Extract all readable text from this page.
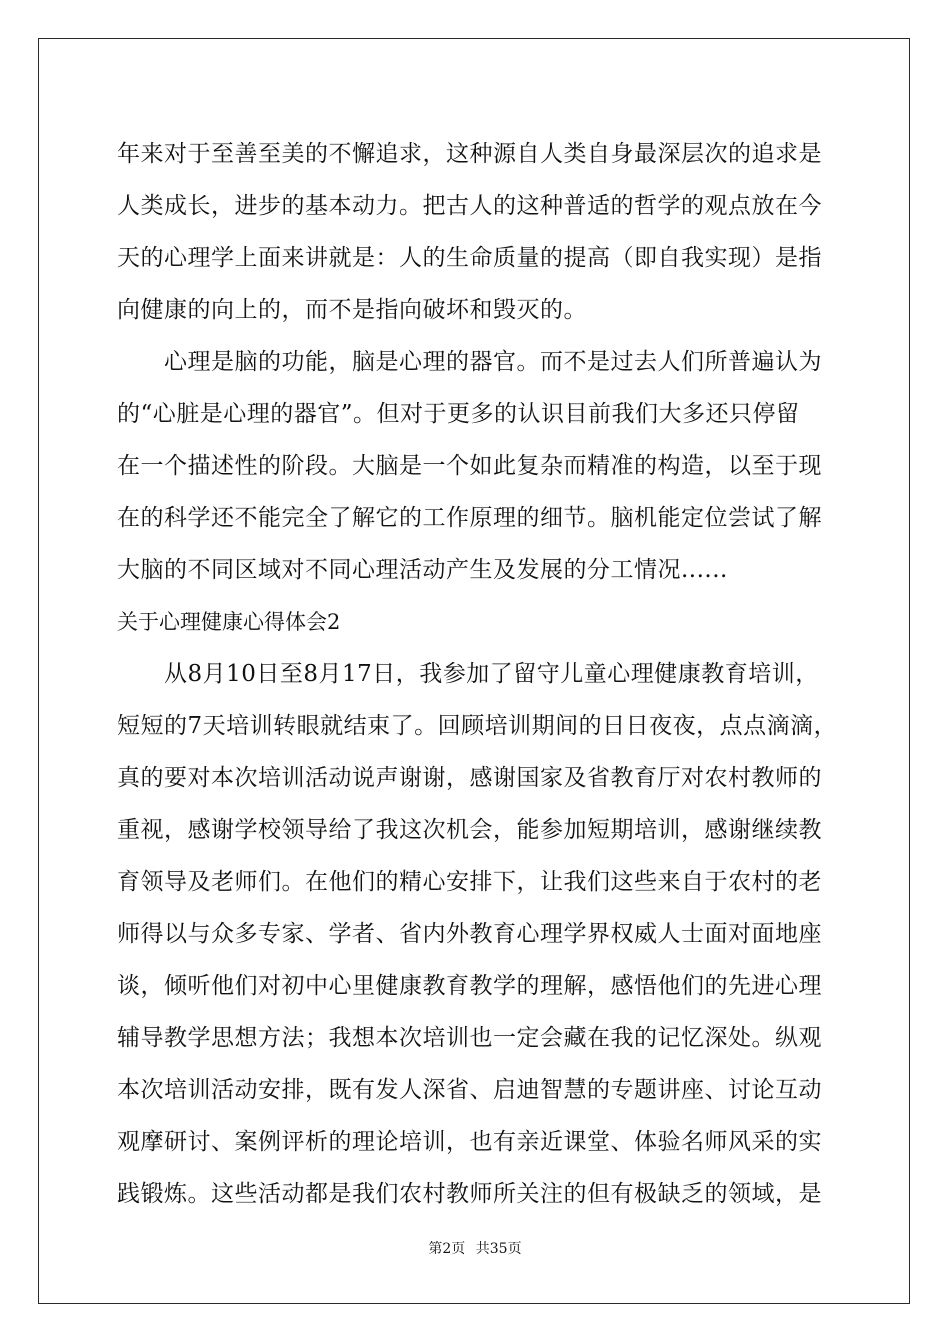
年来对于至善至美的不懈追求，这种源自人类自身最深层次的追求是
人类成长，进步的基本动力。把古人的这种普适的哲学的观点放在今
天的心理学上面来讲就是：人的生命质量的提高（即自我实现）是指
向健康的向上的，而不是指向破坏和毁灭的。
　　心理是脑的功能，脑是心理的器官。而不是过去人们所普遍认为
的“心脏是心理的器官”。但对于更多的认识目前我们大多还只停留
在一个描述性的阶段。大脑是一个如此复杂而精准的构造，以至于现
在的科学还不能完全了解它的工作原理的细节。脑机能定位尝试了解
大脑的不同区域对不同心理活动产生及发展的分工情况......
关于心理健康心得体会2
　　从8月10日至8月17日，我参加了留守儿童心理健康教育培训，
短短的7天培训转眼就结束了。回顾培训期间的日日夜夜，点点滴滴，
真的要对本次培训活动说声谢谢，感谢国家及省教育厅对农村教师的
重视，感谢学校领导给了我这次机会，能参加短期培训，感谢继续教
育领导及老师们。在他们的精心安排下，让我们这些来自于农村的老
师得以与众多专家、学者、省内外教育心理学界权威人士面对面地座
谈，倾听他们对初中心里健康教育教学的理解，感悟他们的先进心理
辅导教学思想方法；我想本次培训也一定会藏在我的记忆深处。纵观
本次培训活动安排，既有发人深省、启迪智慧的专题讲座、讨论互动
观摩研讨、案例评析的理论培训，也有亲近课堂、体验名师风采的实
践锻炼。这些活动都是我们农村教师所关注的但有极缺乏的领域，是
第2页 共35页
